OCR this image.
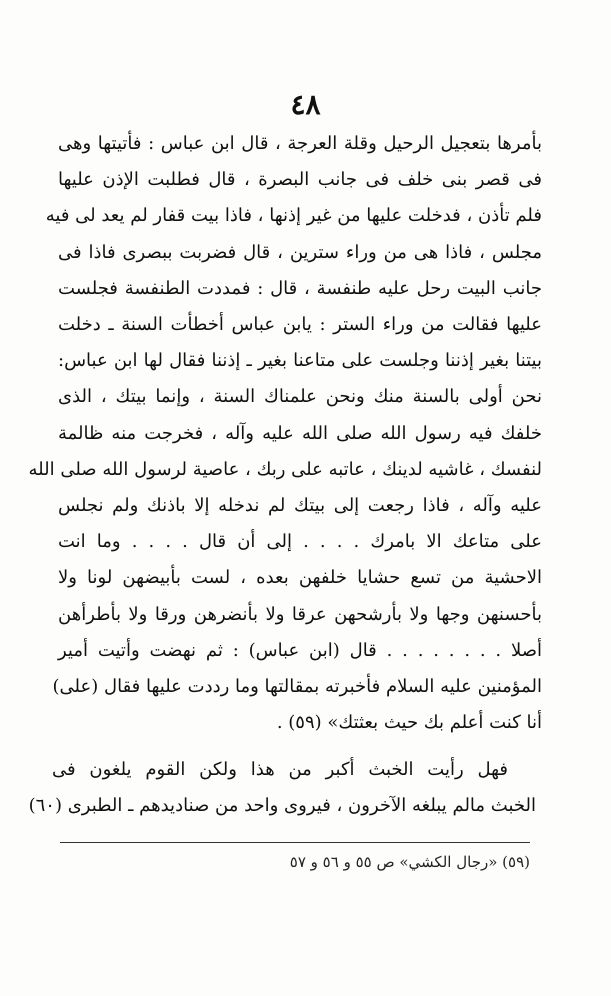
٤٨
بأمرها بتعجيل الرحيل وقلة العرجة ، قال ابن عباس : فأتيتها وهى
فى قصر بنى خلف فى جانب البصرة ، قال فطلبت الإذن عليها
فلم تأذن ، فدخلت عليها من غير إذنها ، فاذا بيت قفار لم يعد لى فيه
مجلس ، فاذا هى من وراء سترين ، قال فضربت ببصرى فاذا فى
جانب البيت رحل عليه طنفسة ، قال : فمددت الطنفسة فجلست
عليها فقالت من وراء الستر : يابن عباس أخطأت السنة ـ دخلت
بيتنا بغير إذننا وجلست على متاعنا بغير ـ إذننا فقال لها ابن عباس:
نحن أولى بالسنة منك ونحن علمناك السنة ، وإنما بيتك ، الذى
خلفك فيه رسول الله صلى الله عليه وآله ، فخرجت منه ظالمة
لنفسك ، غاشيه لدينك ، عاتبه على ربك ، عاصية لرسول الله صلى الله
عليه وآله ، فاذا رجعت إلى بيتك لم ندخله إلا باذنك ولم نجلس
على متاعك الا بامرك . . . . إلى أن قال . . . . وما انت
الاحشية من تسع حشايا خلفهن بعده ، لست بأبيضهن لونا ولا
بأحسنهن وجها ولا بأرشحهن عرقا ولا بأنضرهن ورقا ولا بأطرأهن
أصلا . . . . . . . . قال (ابن عباس) : ثم نهضت وأتيت أمير
المؤمنين عليه السلام فأخبرته بمقالتها وما رددت عليها فقال (على)
أنا كنت أعلم بك حيث بعثتك» (٥٩) .
فهل رأيت الخبث أكبر من هذا ولكن القوم يلغون فى
الخبث مالم يبلغه الآخرون ، فيروى واحد من صناديدهم ـ الطبرى (٦٠)
(٥٩) «رجال الكشي» ص ٥٥ و ٥٦ و ٥٧
